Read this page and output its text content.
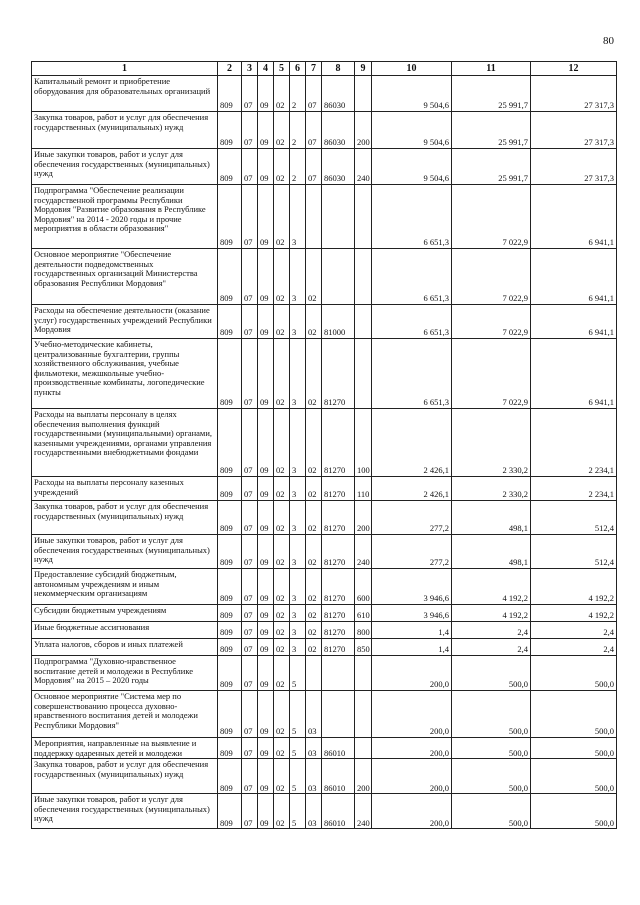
80
1	2	3	4	5	6	7	8	9	10	11	12
Капитальный ремонт и приобретение оборудования для образовательных организаций	809	07	09	02	2	07	86030		9 504,6	25 991,7	27 317,3
Закупка товаров, работ и услуг для обеспечения государственных (муниципальных) нужд	809	07	09	02	2	07	86030	200	9 504,6	25 991,7	27 317,3
Иные закупки товаров, работ и услуг для обеспечения государственных (муниципальных) нужд	809	07	09	02	2	07	86030	240	9 504,6	25 991,7	27 317,3
Подпрограмма "Обеспечение реализации государственной программы Республики Мордовия "Развитие образования в Республике Мордовия" на 2014 - 2020 годы и прочие мероприятия в области образования"	809	07	09	02	3				6 651,3	7 022,9	6 941,1
Основное мероприятие "Обеспечение деятельности подведомственных государственных организаций Министерства образования Республики Мордовия"	809	07	09	02	3	02			6 651,3	7 022,9	6 941,1
Расходы на обеспечение деятельности (оказание услуг) государственных учреждений Республики Мордовия	809	07	09	02	3	02	81000		6 651,3	7 022,9	6 941,1
Учебно-методические кабинеты, централизованные бухгалтерии, группы хозяйственного обслуживания, учебные фильмотеки, межшкольные учебно-производственные комбинаты, логопедические пункты	809	07	09	02	3	02	81270		6 651,3	7 022,9	6 941,1
Расходы на выплаты персоналу в целях обеспечения выполнения функций государственными (муниципальными) органами, казенными учреждениями, органами управления государственными внебюджетными фондами	809	07	09	02	3	02	81270	100	2 426,1	2 330,2	2 234,1
Расходы на выплаты персоналу казенных учреждений	809	07	09	02	3	02	81270	110	2 426,1	2 330,2	2 234,1
Закупка товаров, работ и услуг для обеспечения государственных (муниципальных) нужд	809	07	09	02	3	02	81270	200	277,2	498,1	512,4
Иные закупки товаров, работ и услуг для обеспечения государственных (муниципальных) нужд	809	07	09	02	3	02	81270	240	277,2	498,1	512,4
Предоставление субсидий бюджетным, автономным учреждениям и иным некоммерческим организациям	809	07	09	02	3	02	81270	600	3 946,6	4 192,2	4 192,2
Субсидии бюджетным учреждениям	809	07	09	02	3	02	81270	610	3 946,6	4 192,2	4 192,2
Иные бюджетные ассигнования	809	07	09	02	3	02	81270	800	1,4	2,4	2,4
Уплата налогов, сборов и иных платежей	809	07	09	02	3	02	81270	850	1,4	2,4	2,4
Подпрограмма "Духовно-нравственное воспитание детей и молодежи в Республике Мордовия" на 2015 – 2020 годы	809	07	09	02	5				200,0	500,0	500,0
Основное мероприятие "Система мер по совершенствованию процесса духовно-нравственного воспитания детей и молодежи Республики Мордовия"	809	07	09	02	5	03			200,0	500,0	500,0
Мероприятия, направленные на выявление и поддержку одаренных детей и молодежи	809	07	09	02	5	03	86010		200,0	500,0	500,0
Закупка товаров, работ и услуг для обеспечения государственных (муниципальных) нужд	809	07	09	02	5	03	86010	200	200,0	500,0	500,0
Иные закупки товаров, работ и услуг для обеспечения государственных (муниципальных) нужд	809	07	09	02	5	03	86010	240	200,0	500,0	500,0
